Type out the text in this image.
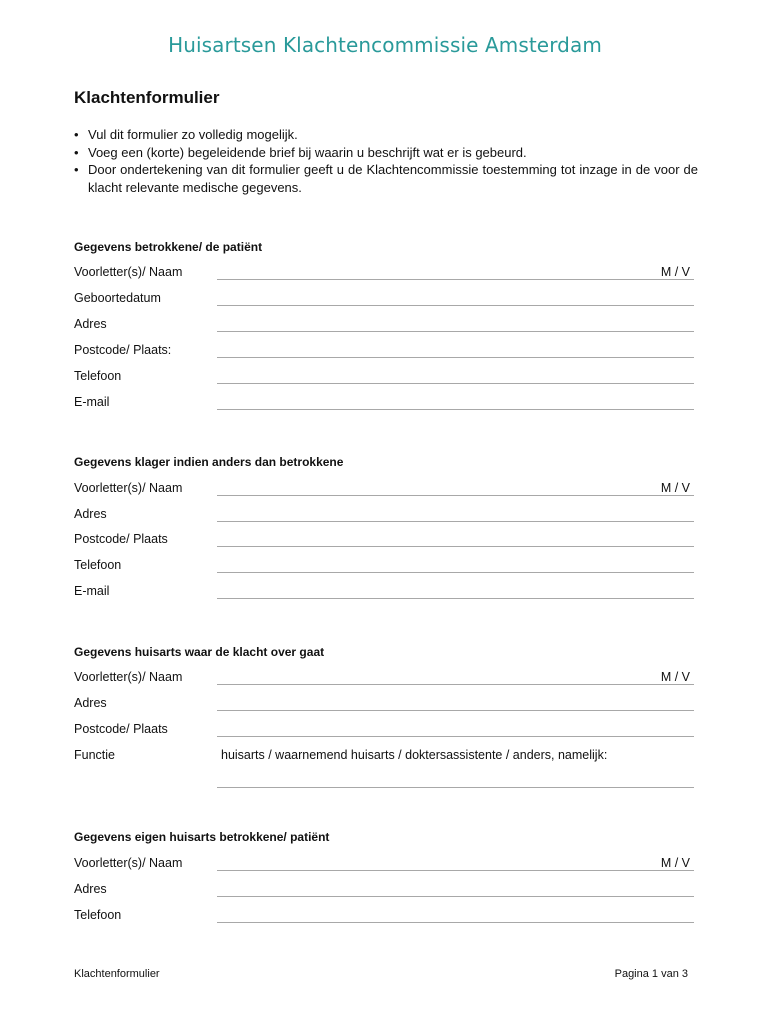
Huisartsen Klachtencommissie Amsterdam
Klachtenformulier
• Vul dit formulier zo volledig mogelijk.
• Voeg een (korte) begeleidende brief bij waarin u beschrijft wat er is gebeurd.
• Door ondertekening van dit formulier geeft u de Klachtencommissie toestemming tot inzage in de voor de klacht relevante medische gegevens.
Gegevens betrokkene/ de patiënt
Voorletter(s)/ Naam	M / V
Geboortedatum
Adres
Postcode/ Plaats:
Telefoon
E-mail
Gegevens klager indien anders dan betrokkene
Voorletter(s)/ Naam	M / V
Adres
Postcode/ Plaats
Telefoon
E-mail
Gegevens huisarts waar de klacht over gaat
Voorletter(s)/ Naam	M / V
Adres
Postcode/ Plaats
Functie	huisarts / waarnemend huisarts / doktersassistente / anders, namelijk:
Gegevens eigen huisarts betrokkene/ patiënt
Voorletter(s)/ Naam	M / V
Adres
Telefoon
Klachtenformulier	Pagina 1 van 3
